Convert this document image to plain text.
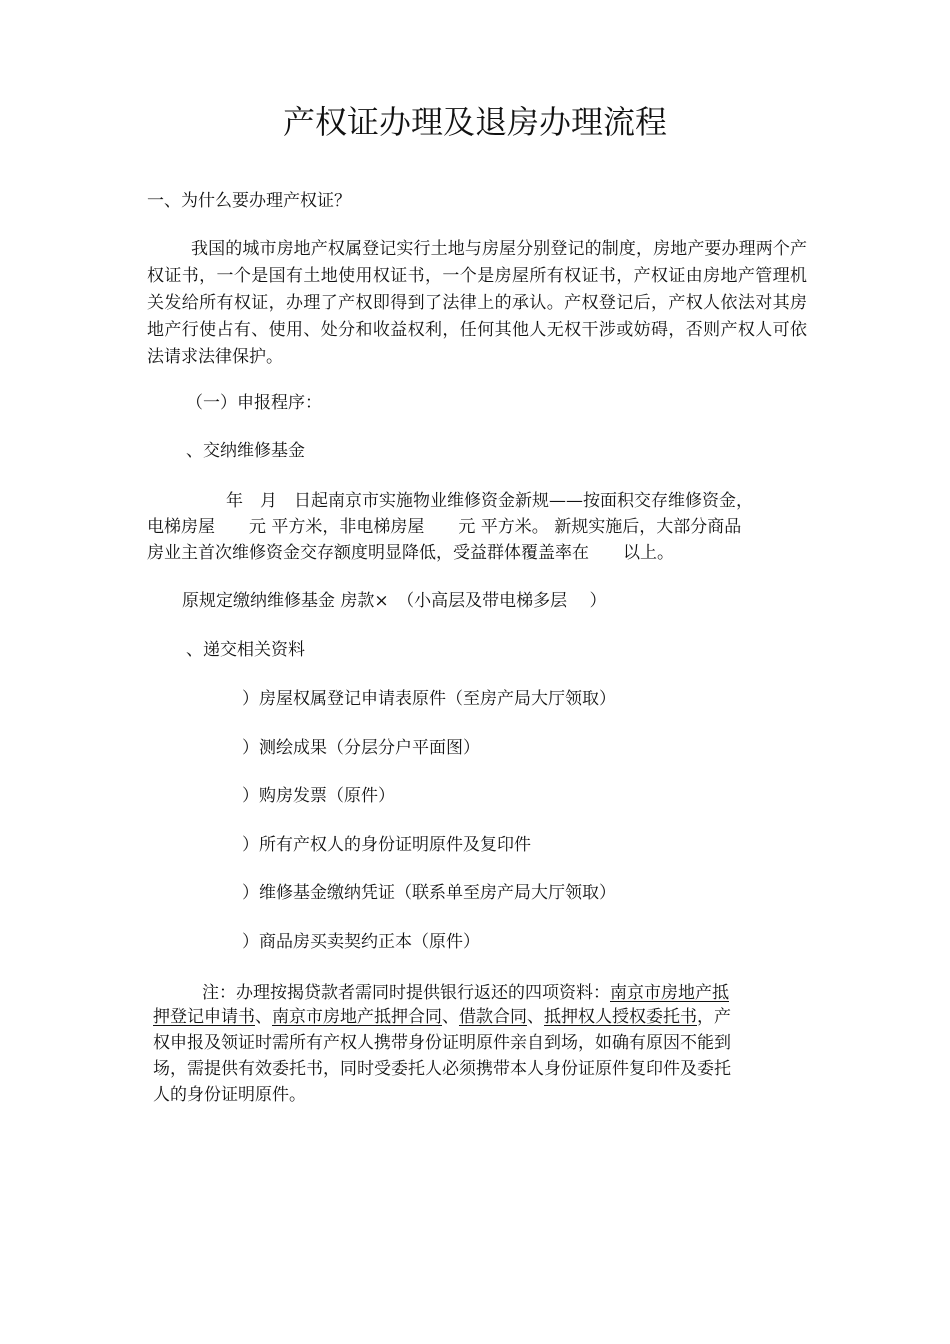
产权证办理及退房办理流程

一、为什么要办理产权证？

我国的城市房地产权属登记实行土地与房屋分别登记的制度，房地产要办理两个产权证书，一个是国有土地使用权证书，一个是房屋所有权证书，产权证由房地产管理机关发给所有权证，办理了产权即得到了法律上的承认。产权登记后，产权人依法对其房地产行使占有、使用、处分和收益权利，任何其他人无权干涉或妨碍，否则产权人可依法请求法律保护。

（一）申报程序：

、交纳维修基金

年　月　日起南京市实施物业维修资金新规——按面积交存维修资金，

电梯房屋　　元 平方米，非电梯房屋　　元 平方米。 新规实施后，大部分商品

房业主首次维修资金交存额度明显降低，受益群体覆盖率在　　以上。

原规定缴纳维修基金 房款×　（小高层及带电梯多层　 ）

、递交相关资料

）房屋权属登记申请表原件（至房产局大厅领取）

）测绘成果（分层分户平面图）

）购房发票（原件）

）所有产权人的身份证明原件及复印件

）维修基金缴纳凭证（联系单至房产局大厅领取）

）商品房买卖契约正本（原件）

注：办理按揭贷款者需同时提供银行返还的四项资料：南京市房地产抵

押登记申请书、南京市房地产抵押合同、借款合同、抵押权人授权委托书，产

权申报及领证时需所有产权人携带身份证明原件亲自到场，如确有原因不能到

场，需提供有效委托书，同时受委托人必须携带本人身份证原件复印件及委托

人的身份证明原件。
